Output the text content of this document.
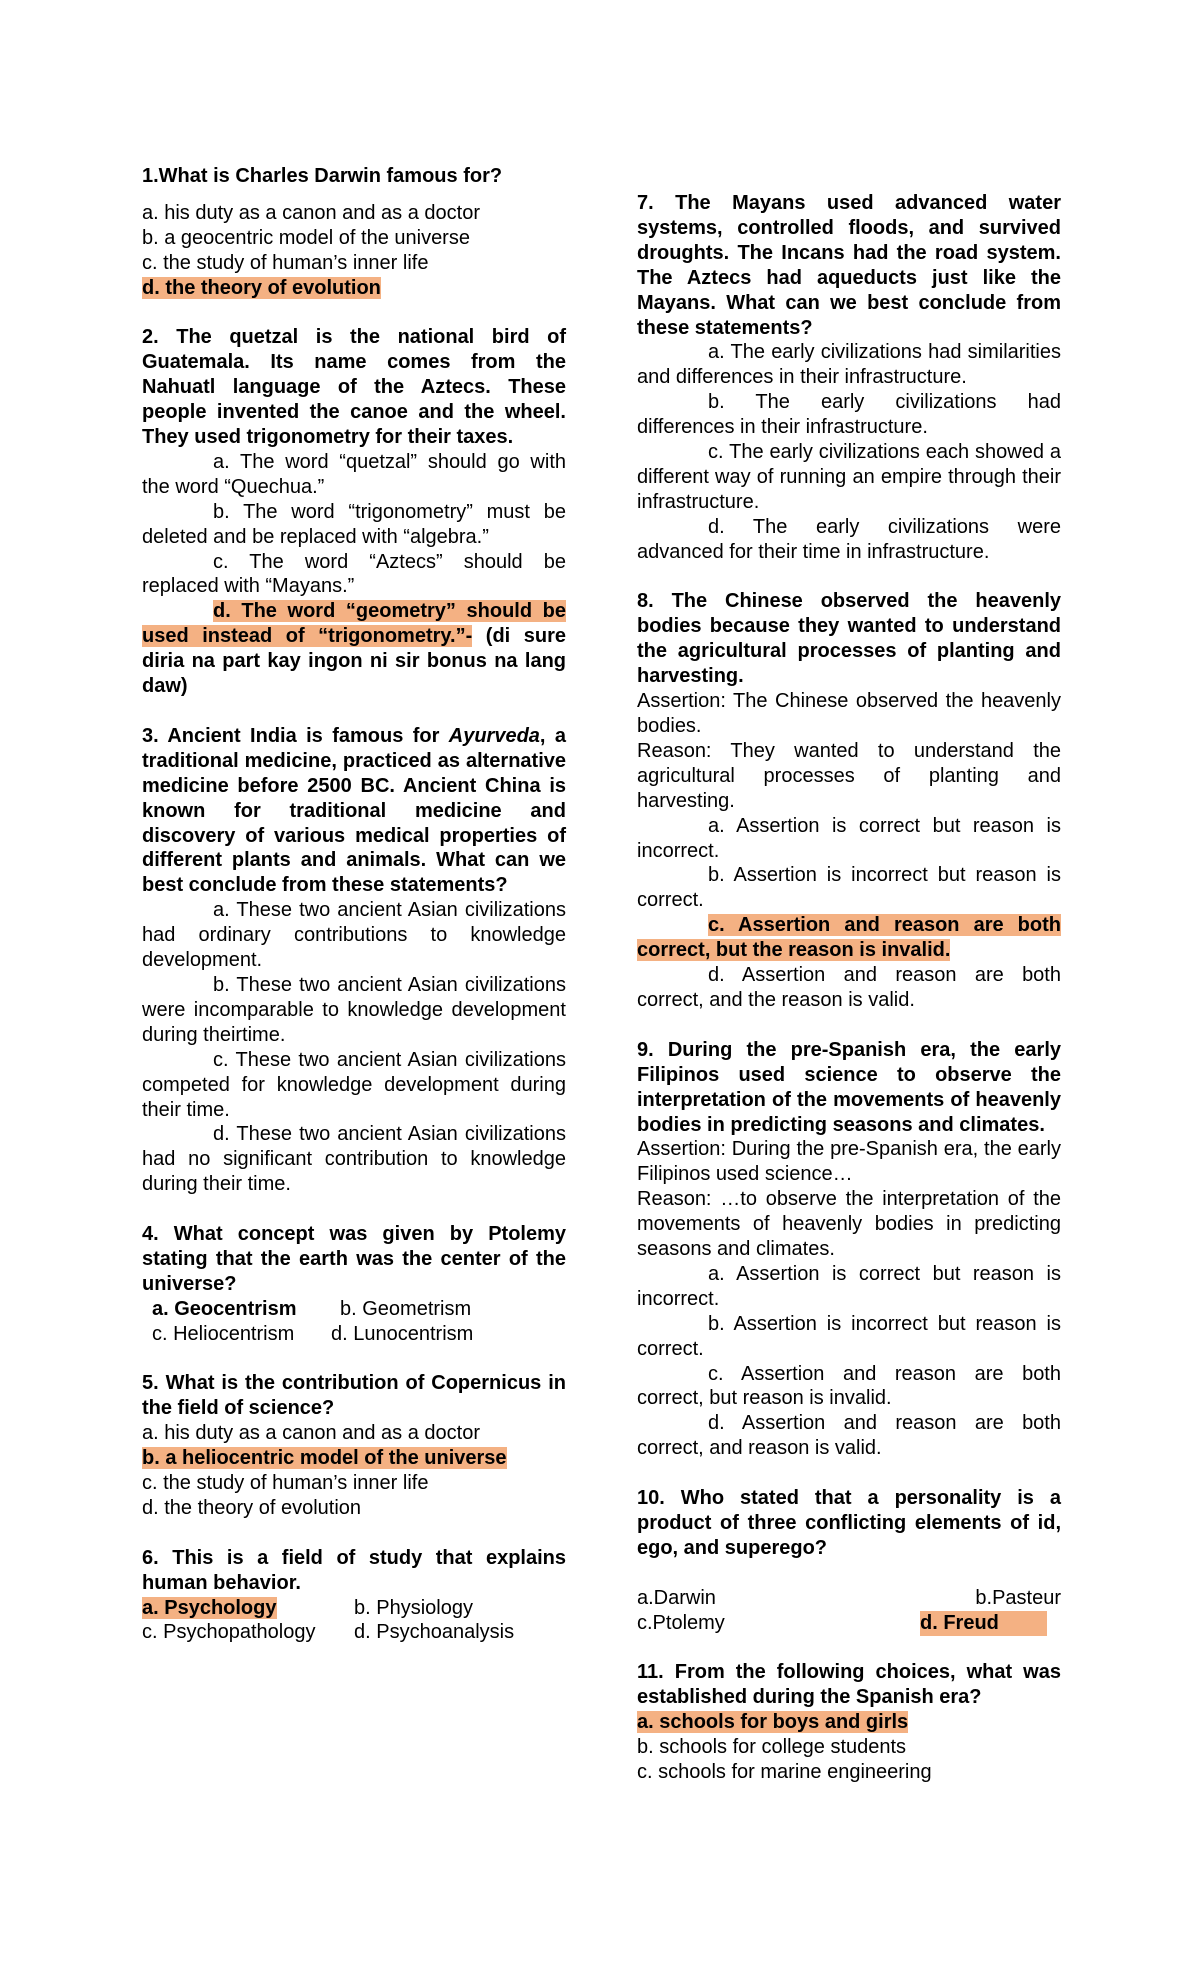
1.What is Charles Darwin famous for?

a. his duty as a canon and as a doctor

b. a geocentric model of the universe

c. the study of human’s inner life

d. the theory of evolution

2. The quetzal is the national bird of Guatemala. Its name comes from the Nahuatl language of the Aztecs. These people invented the canoe and the wheel. They used trigonometry for their taxes.

a. The word “quetzal” should go with the word “Quechua.”

b. The word “trigonometry” must be deleted and be replaced with “algebra.”

c. The word “Aztecs” should be replaced with “Mayans.”

d. The word “geometry” should be used instead of “trigonometry.”- (di sure diria na part kay ingon ni sir bonus na lang daw)

3. Ancient India is famous for Ayurveda, a traditional medicine, practiced as alternative medicine before 2500 BC. Ancient China is known for traditional medicine and discovery of various medical properties of different plants and animals. What can we best conclude from these statements?

a. These two ancient Asian civilizations had ordinary contributions to knowledge development.

b. These two ancient Asian civilizations were incomparable to knowledge development during theirtime.

c. These two ancient Asian civilizations competed for knowledge development during their time.

d. These two ancient Asian civilizations had no significant contribution to knowledge during their time.

4. What concept was given by Ptolemy stating that the earth was the center of the universe?

a. Geocentrism	b. Geometrism
c. Heliocentrism	d. Lunocentrism

5. What is the contribution of Copernicus in the field of science?

a. his duty as a canon and as a doctor

b. a heliocentric model of the universe

c. the study of human’s inner life

d. the theory of evolution

6. This is a field of study that explains human behavior.

a. Psychology	b. Physiology
c. Psychopathology	d. Psychoanalysis

7. The Mayans used advanced water systems, controlled floods, and survived droughts. The Incans had the road system. The Aztecs had aqueducts just like the Mayans. What can we best conclude from these statements?

a. The early civilizations had similarities and differences in their infrastructure.

b. The early civilizations had differences in their infrastructure.

c. The early civilizations each showed a different way of running an empire through their infrastructure.

d. The early civilizations were advanced for their time in infrastructure.

8. The Chinese observed the heavenly bodies because they wanted to understand the agricultural processes of planting and harvesting.

Assertion: The Chinese observed the heavenly bodies.

Reason: They wanted to understand the agricultural processes of planting and harvesting.

a. Assertion is correct but reason is incorrect.

b. Assertion is incorrect but reason is correct.

c. Assertion and reason are both correct, but the reason is invalid.

d. Assertion and reason are both correct, and the reason is valid.

9. During the pre-Spanish era, the early Filipinos used science to observe the interpretation of the movements of heavenly bodies in predicting seasons and climates.

Assertion: During the pre-Spanish era, the early Filipinos used science…

Reason: …to observe the interpretation of the movements of heavenly bodies in predicting seasons and climates.

a. Assertion is correct but reason is incorrect.

b. Assertion is incorrect but reason is correct.

c. Assertion and reason are both correct, but reason is invalid.

d. Assertion and reason are both correct, and reason is valid.

10. Who stated that a personality is a product of three conflicting elements of id, ego, and superego?

a.Darwin	b.Pasteur
c.Ptolemy	d. Freud

11. From the following choices, what was established during the Spanish era?

a. schools for boys and girls

b. schools for college students

c. schools for marine engineering
